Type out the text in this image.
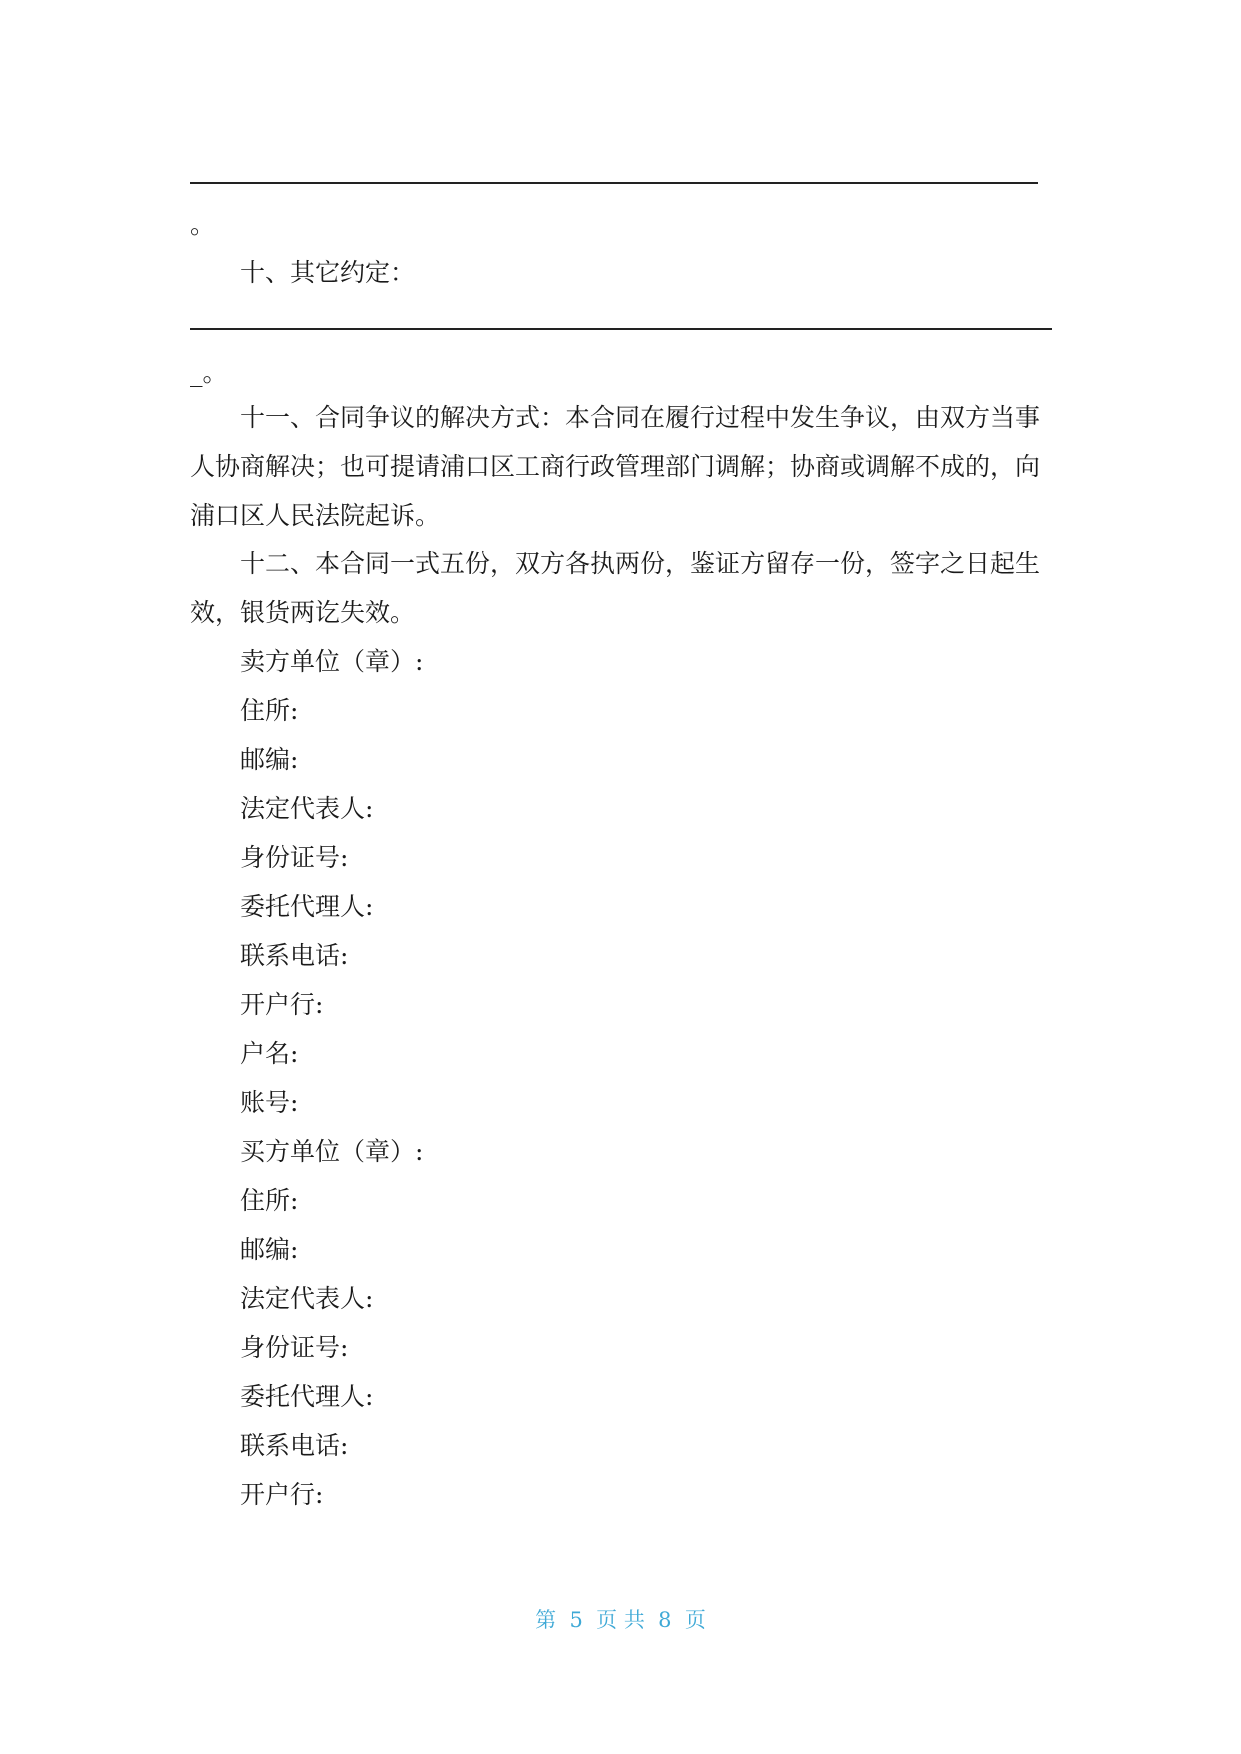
。
十、其它约定：
_。
十一、合同争议的解决方式：本合同在履行过程中发生争议，由双方当事
人协商解决；也可提请浦口区工商行政管理部门调解；协商或调解不成的，向
浦口区人民法院起诉。
十二、本合同一式五份，双方各执两份，鉴证方留存一份，签字之日起生
效，银货两讫失效。
卖方单位（章）:
住所:
邮编:
法定代表人:
身份证号:
委托代理人:
联系电话:
开户行:
户名:
账号:
买方单位（章）:
住所:
邮编:
法定代表人:
身份证号:
委托代理人:
联系电话:
开户行:
第  5  页 共  8  页
